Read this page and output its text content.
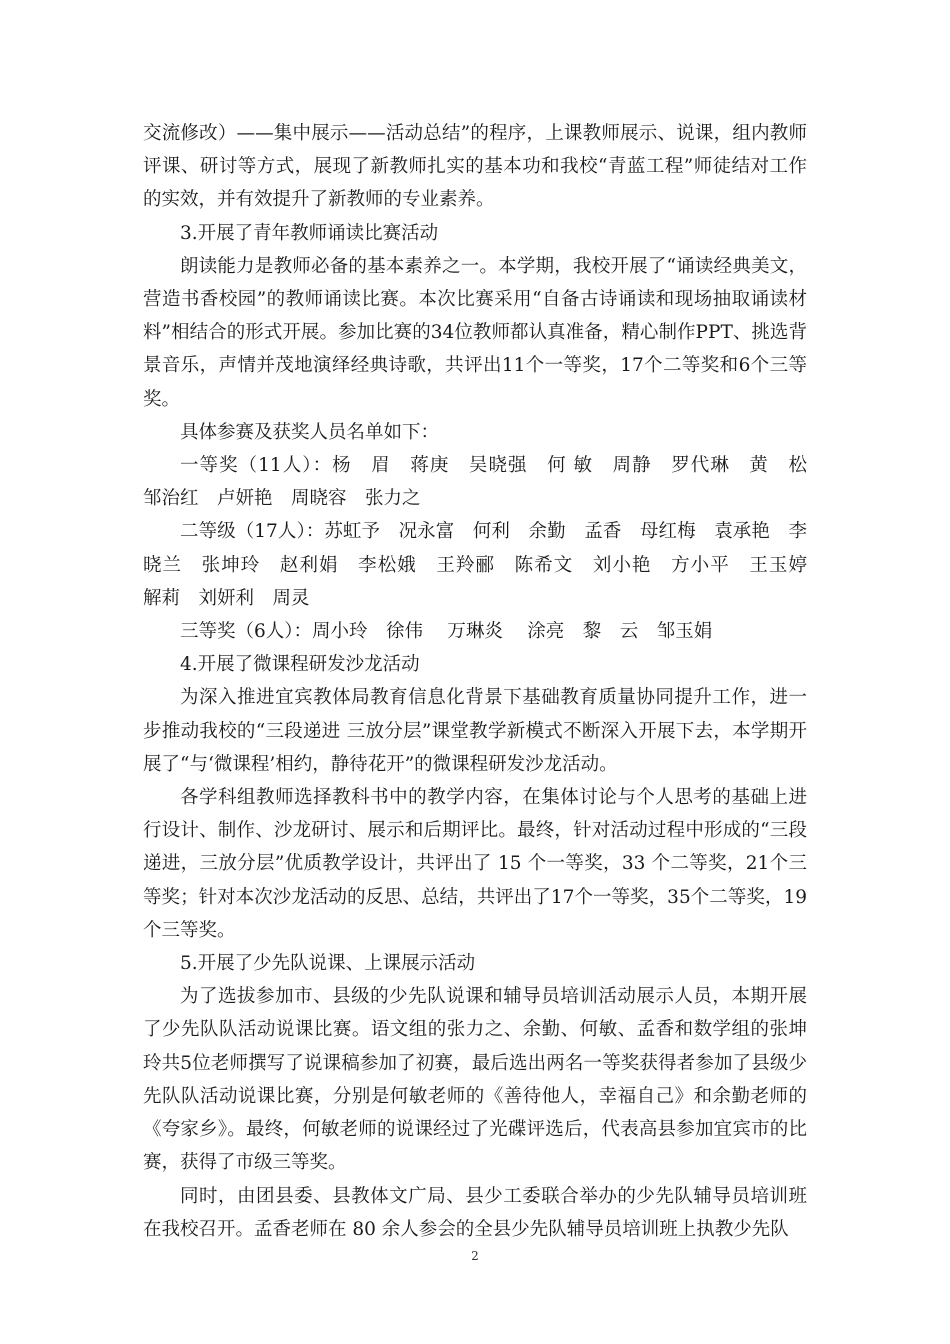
交流修改）——集中展示——活动总结”的程序，上课教师展示、说课，组内教师评课、研讨等方式，展现了新教师扎实的基本功和我校“青蓝工程”师徒结对工作的实效，并有效提升了新教师的专业素养。

3.开展了青年教师诵读比赛活动

朗读能力是教师必备的基本素养之一。本学期，我校开展了“诵读经典美文，营造书香校园”的教师诵读比赛。本次比赛采用“自备古诗诵读和现场抽取诵读材料”相结合的形式开展。参加比赛的34位教师都认真准备，精心制作PPT、挑选背景音乐，声情并茂地演绎经典诗歌，共评出11个一等奖，17个二等奖和6个三等奖。

具体参赛及获奖人员名单如下：

一等奖（11人）：杨　眉　蒋庚　吴晓强　何 敏　周静　罗代琳　黄　松　邹治红　卢妍艳　周晓容　张力之

二等级（17人）：苏虹予　况永富　何利　余勤　孟香　母红梅　袁承艳　李晓兰　张坤玲　赵利娟　李松娥　王羚郦　陈希文　刘小艳　方小平　王玉婷　 解莉　刘妍利　周灵

三等奖（6人）：周小玲　徐伟　 万琳炎　 涂亮　黎　云　邹玉娟

4.开展了微课程研发沙龙活动

为深入推进宜宾教体局教育信息化背景下基础教育质量协同提升工作，进一步推动我校的“三段递进 三放分层”课堂教学新模式不断深入开展下去，本学期开展了“与‘微课程’相约，静待花开”的微课程研发沙龙活动。

各学科组教师选择教科书中的教学内容，在集体讨论与个人思考的基础上进行设计、制作、沙龙研讨、展示和后期评比。最终，针对活动过程中形成的“三段递进，三放分层”优质教学设计，共评出了 15 个一等奖，33 个二等奖，21个三等奖；针对本次沙龙活动的反思、总结，共评出了17个一等奖，35个二等奖，19个三等奖。

5.开展了少先队说课、上课展示活动

为了选拔参加市、县级的少先队说课和辅导员培训活动展示人员，本期开展了少先队队活动说课比赛。语文组的张力之、余勤、何敏、孟香和数学组的张坤玲共5位老师撰写了说课稿参加了初赛，最后选出两名一等奖获得者参加了县级少先队队活动说课比赛，分别是何敏老师的《善待他人，幸福自己》和余勤老师的《夸家乡》。最终，何敏老师的说课经过了光碟评选后，代表高县参加宜宾市的比赛，获得了市级三等奖。

同时，由团县委、县教体文广局、县少工委联合举办的少先队辅导员培训班在我校召开。孟香老师在 80 余人参会的全县少先队辅导员培训班上执教少先队

2
